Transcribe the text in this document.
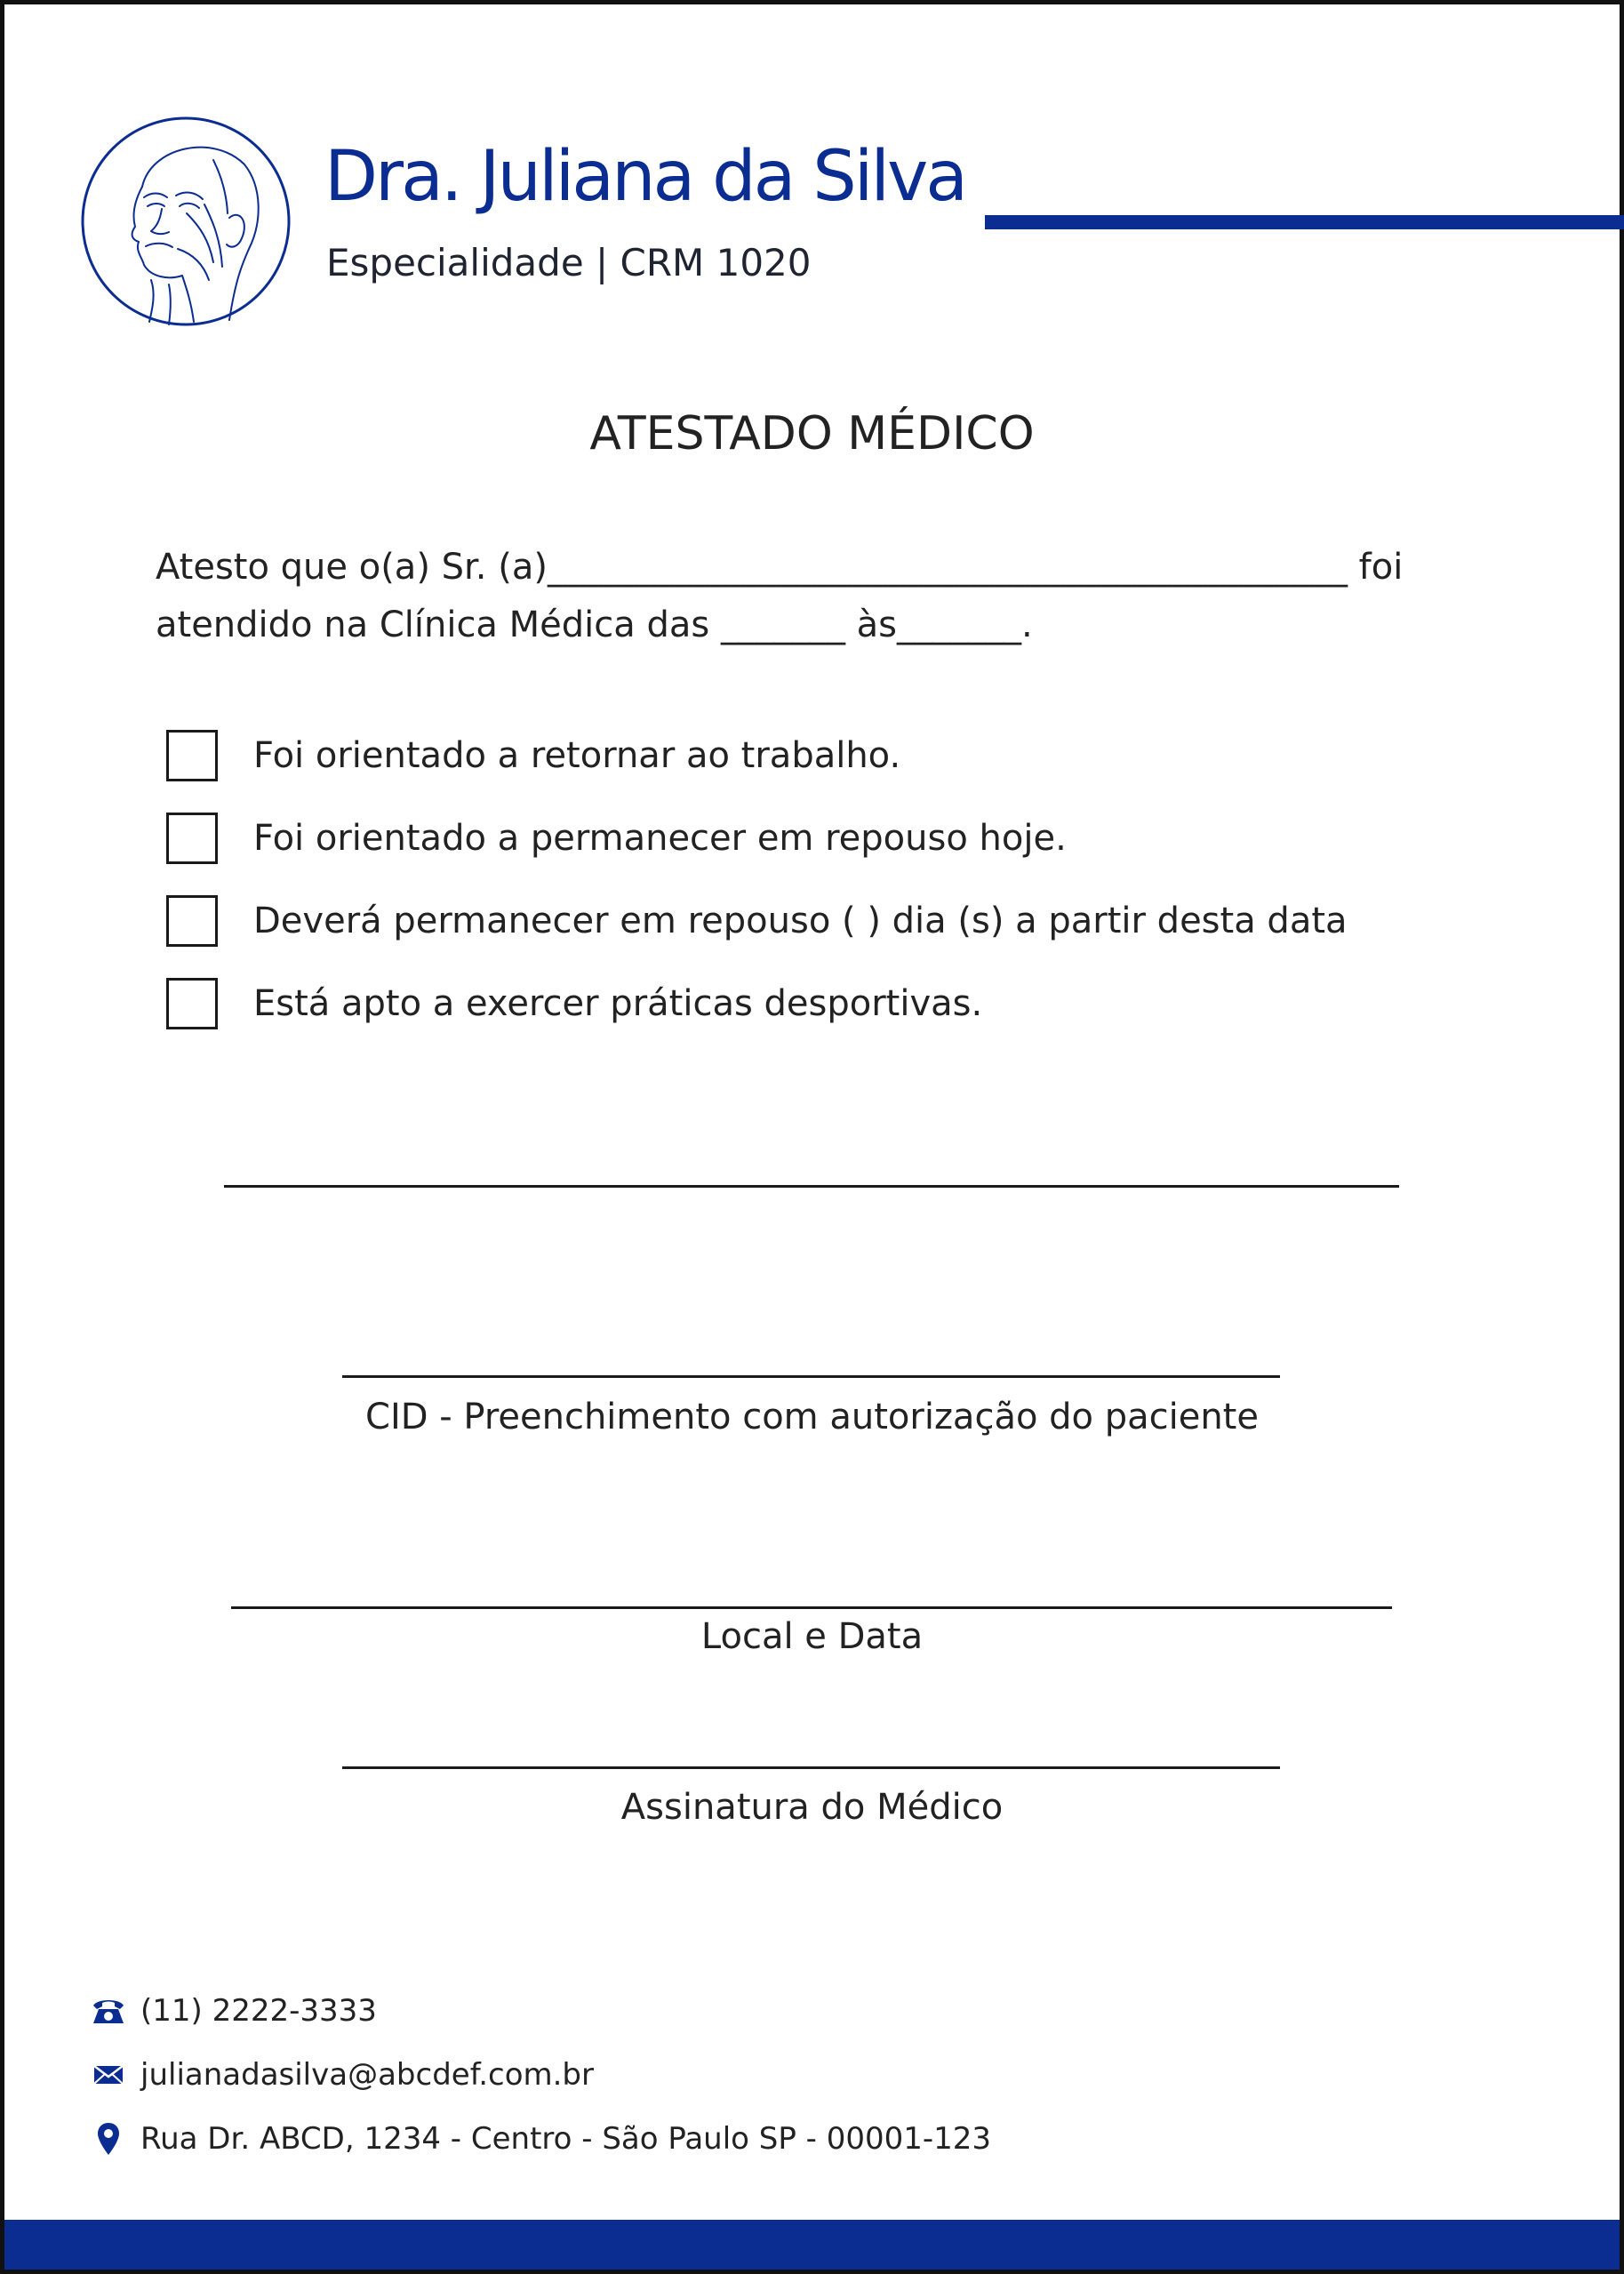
Dra. Juliana da Silva
Especialidade | CRM 1020
ATESTADO MÉDICO
Atesto que o(a) Sr. (a)_____________________________________________ foi
atendido na Clínica Médica das _______ às_______.
Foi orientado a retornar ao trabalho.
Foi orientado a permanecer em repouso hoje.
Deverá permanecer em repouso ( ) dia (s) a partir desta data
Está apto a exercer práticas desportivas.
CID - Preenchimento com autorização do paciente
Local e Data
Assinatura do Médico
(11) 2222-3333
julianadasilva@abcdef.com.br
Rua Dr. ABCD, 1234 - Centro - São Paulo SP - 00001-123
